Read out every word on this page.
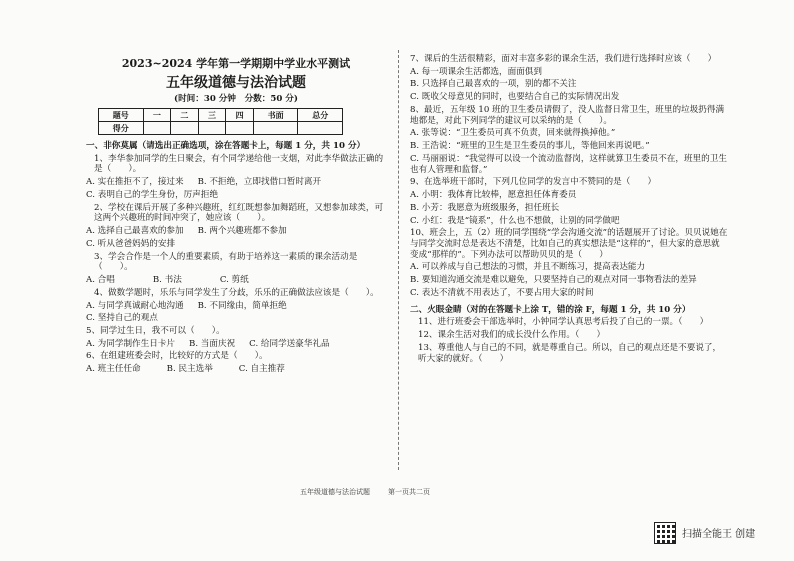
2023~2024 学年第一学期期中学业水平测试
五年级道德与法治试题
(时间：30 分钟　分数：50 分)
题号	一	二	三	四	书面	总分
得分						
一、非你莫属（请选出正确选项，涂在答题卡上，每题 1 分，共 10 分）
1、李华参加同学的生日聚会，有个同学递给他一支烟，对此李华做法正确的是（　　）。
A. 实在推拒不了，接过来 B. 不拒绝，立即找借口暂时离开
C. 表明自己的学生身份，厉声拒绝
2、学校在课后开展了多种兴趣班，红红既想参加舞蹈班，又想参加球类，可这两个兴趣班的时间冲突了，她应该（　　）。
A. 选择自己最喜欢的参加 B. 两个兴趣班都不参加
C. 听从爸爸妈妈的安排
3、学会合作是一个人的重要素质，有助于培养这一素质的课余活动是（　　）。
A. 合唱	B. 书法	C. 剪纸
4、做数学题时，乐乐与同学发生了分歧，乐乐的正确做法应该是（　　）。
A. 与同学真诚耐心地沟通 B. 不同缘由，简单拒绝
C. 坚持自己的观点
5、同学过生日，我不可以（　　）。
A. 为同学制作生日卡片 B. 当面庆祝 C. 给同学送豪华礼品
6、在组建班委会时，比较好的方式是（　　）。
A. 班主任任命	B. 民主选举	C. 自主推荐
7、课后的生活很精彩，面对丰富多彩的课余生活，我们进行选择时应该（　　）
A. 每一项课余生活都选，面面俱到
B. 只选择自己最喜欢的一项，别的都不关注
C. 既收父母意见的同时，也要结合自己的实际情况出发
8、最近，五年级 10 班的卫生委员请假了，没人监督日常卫生，班里的垃圾扔得满地都是，对此下列同学的建议可以采纳的是（　　）。
A. 张等说：“卫生委员可真不负责，回来就得换掉他。”
B. 王浩说：“班里的卫生是卫生委员的事儿，等他回来再说吧。”
C. 马丽丽说：“我觉得可以设一个流动监督岗，这样就算卫生委员不在，班里的卫生也有人管理和监督。”
9、在选举班干部时，下列几位同学的发言中不赞同的是（　　）
A. 小明：我体育比较棒，愿意担任体育委员
B. 小芳：我愿意为班级服务，担任班长
C. 小红：我是“镜系”，什么也不想做，让别的同学做吧
10、班会上，五（2）班的同学围绕“学会沟通交流”的话题展开了讨论。贝贝说她在与同学交流时总是表达不清楚，比如自己的真实想法是“这样的”，但大家的意思就变成“那样的”。下列办法可以帮助贝贝的是（　　）
A. 可以养成与自己想法的习惯，并且不断练习，提高表达能力
B. 要知道沟通交流是难以避免，只要坚持自己的观点对同一事物看法的差异
C. 表达不清就不用表达了，不要占用大家的时间
二、火眼金睛（对的在答题卡上涂 T，错的涂 F，每题 1 分，共 10 分）
11、进行班委会干部选举时，小钟同学认真思考后投了自己的一票。（　　）
12、课余生活对我们的成长没什么作用。（　　）
13、尊重他人与自己的不同，就是尊重自己。所以，自己的观点还是不要说了，听大家的就好。（　　）
五年级道德与法治试题	第一页共二页
扫描全能王 创建
